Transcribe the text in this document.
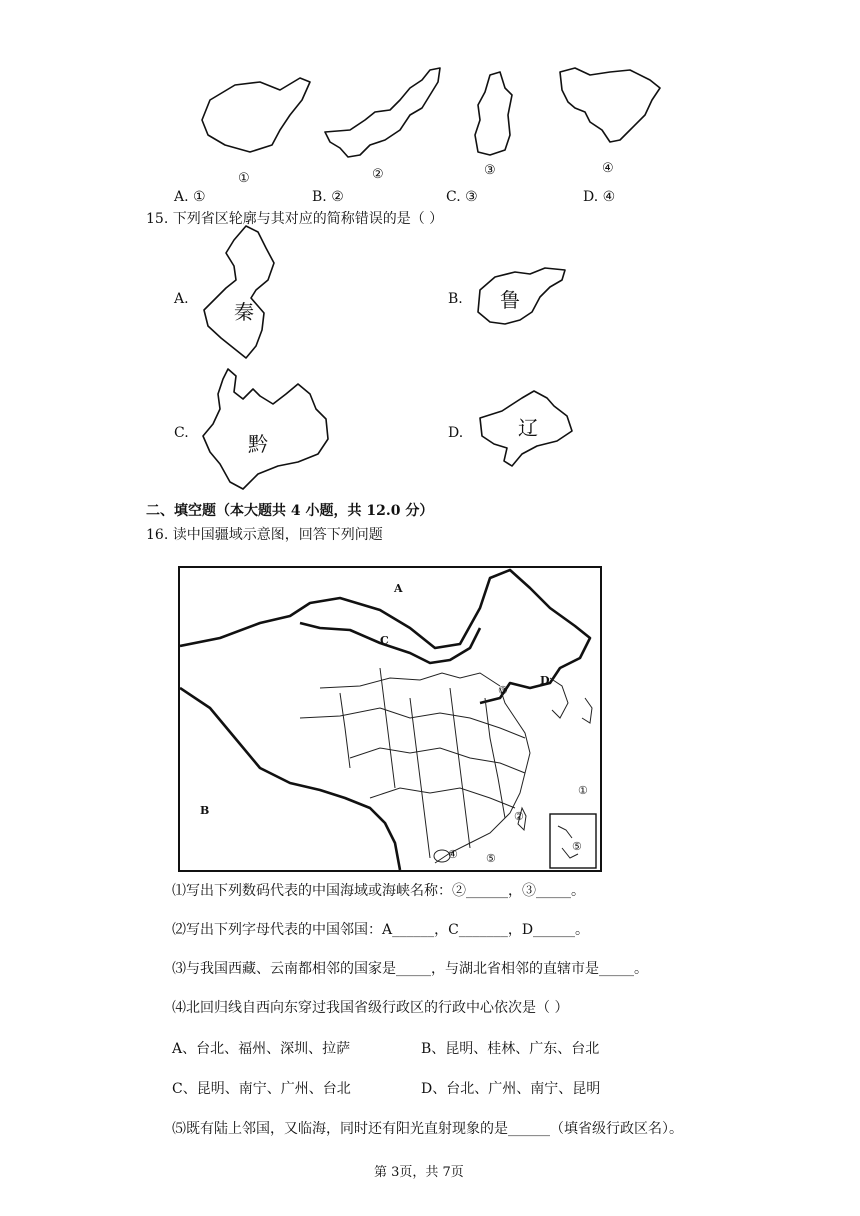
①	②	③	④
A. ①	B. ②	C. ③	D. ④
15. 下列省区轮廓与其对应的简称错误的是（ ）
A.
秦
B. 鲁
C.	黔	D.	辽
二、填空题（本大题共 4 小题，共 12.0 分）
16. 读中国疆域示意图，回答下列问题
A
C
D
B
③
①
②
④	⑤
⑤
⑴写出下列数码代表的中国海域或海峡名称：②______，③_____。
⑵写出下列字母代表的中国邻国：A______，C_______，D______。
⑶与我国西藏、云南都相邻的国家是_____，与湖北省相邻的直辖市是_____。
⑷北回归线自西向东穿过我国省级行政区的行政中心依次是（ ）
A、台北、福州、深圳、拉萨	B、昆明、桂林、广东、台北
C、昆明、南宁、广州、台北	D、台北、广州、南宁、昆明
⑸既有陆上邻国，又临海，同时还有阳光直射现象的是______（填省级行政区名）。
第 3页，共 7页
